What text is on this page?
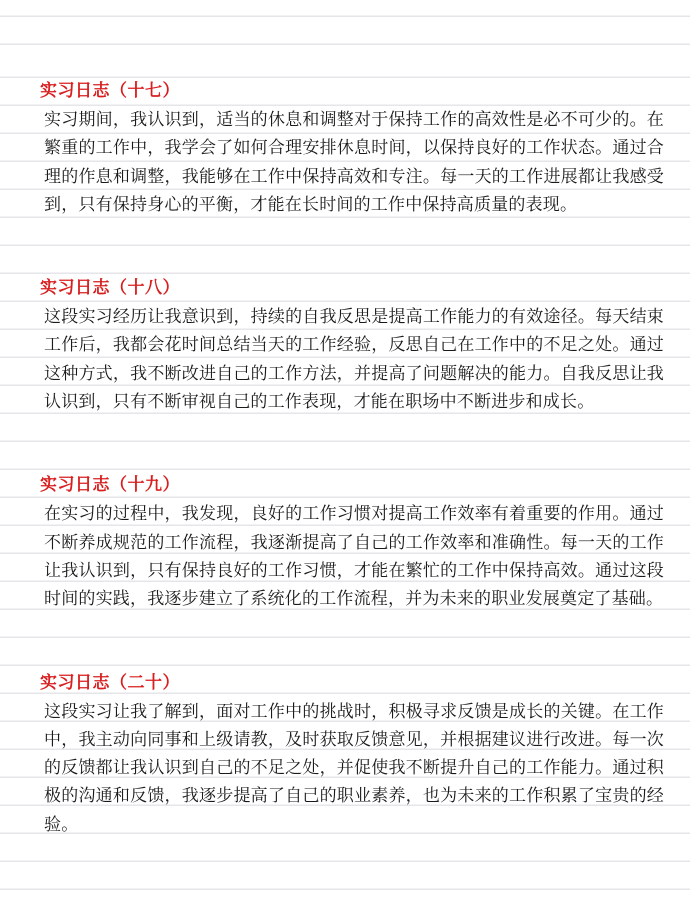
实习日志（十七）

实习期间，我认识到，适当的休息和调整对于保持工作的高效性是必不可少的。在繁重的工作中，我学会了如何合理安排休息时间，以保持良好的工作状态。通过合理的作息和调整，我能够在工作中保持高效和专注。每一天的工作进展都让我感受到，只有保持身心的平衡，才能在长时间的工作中保持高质量的表现。

实习日志（十八）

这段实习经历让我意识到，持续的自我反思是提高工作能力的有效途径。每天结束工作后，我都会花时间总结当天的工作经验，反思自己在工作中的不足之处。通过这种方式，我不断改进自己的工作方法，并提高了问题解决的能力。自我反思让我认识到，只有不断审视自己的工作表现，才能在职场中不断进步和成长。

实习日志（十九）

在实习的过程中，我发现，良好的工作习惯对提高工作效率有着重要的作用。通过不断养成规范的工作流程，我逐渐提高了自己的工作效率和准确性。每一天的工作让我认识到，只有保持良好的工作习惯，才能在繁忙的工作中保持高效。通过这段时间的实践，我逐步建立了系统化的工作流程，并为未来的职业发展奠定了基础。

实习日志（二十）

这段实习让我了解到，面对工作中的挑战时，积极寻求反馈是成长的关键。在工作中，我主动向同事和上级请教，及时获取反馈意见，并根据建议进行改进。每一次的反馈都让我认识到自己的不足之处，并促使我不断提升自己的工作能力。通过积极的沟通和反馈，我逐步提高了自己的职业素养，也为未来的工作积累了宝贵的经验。
